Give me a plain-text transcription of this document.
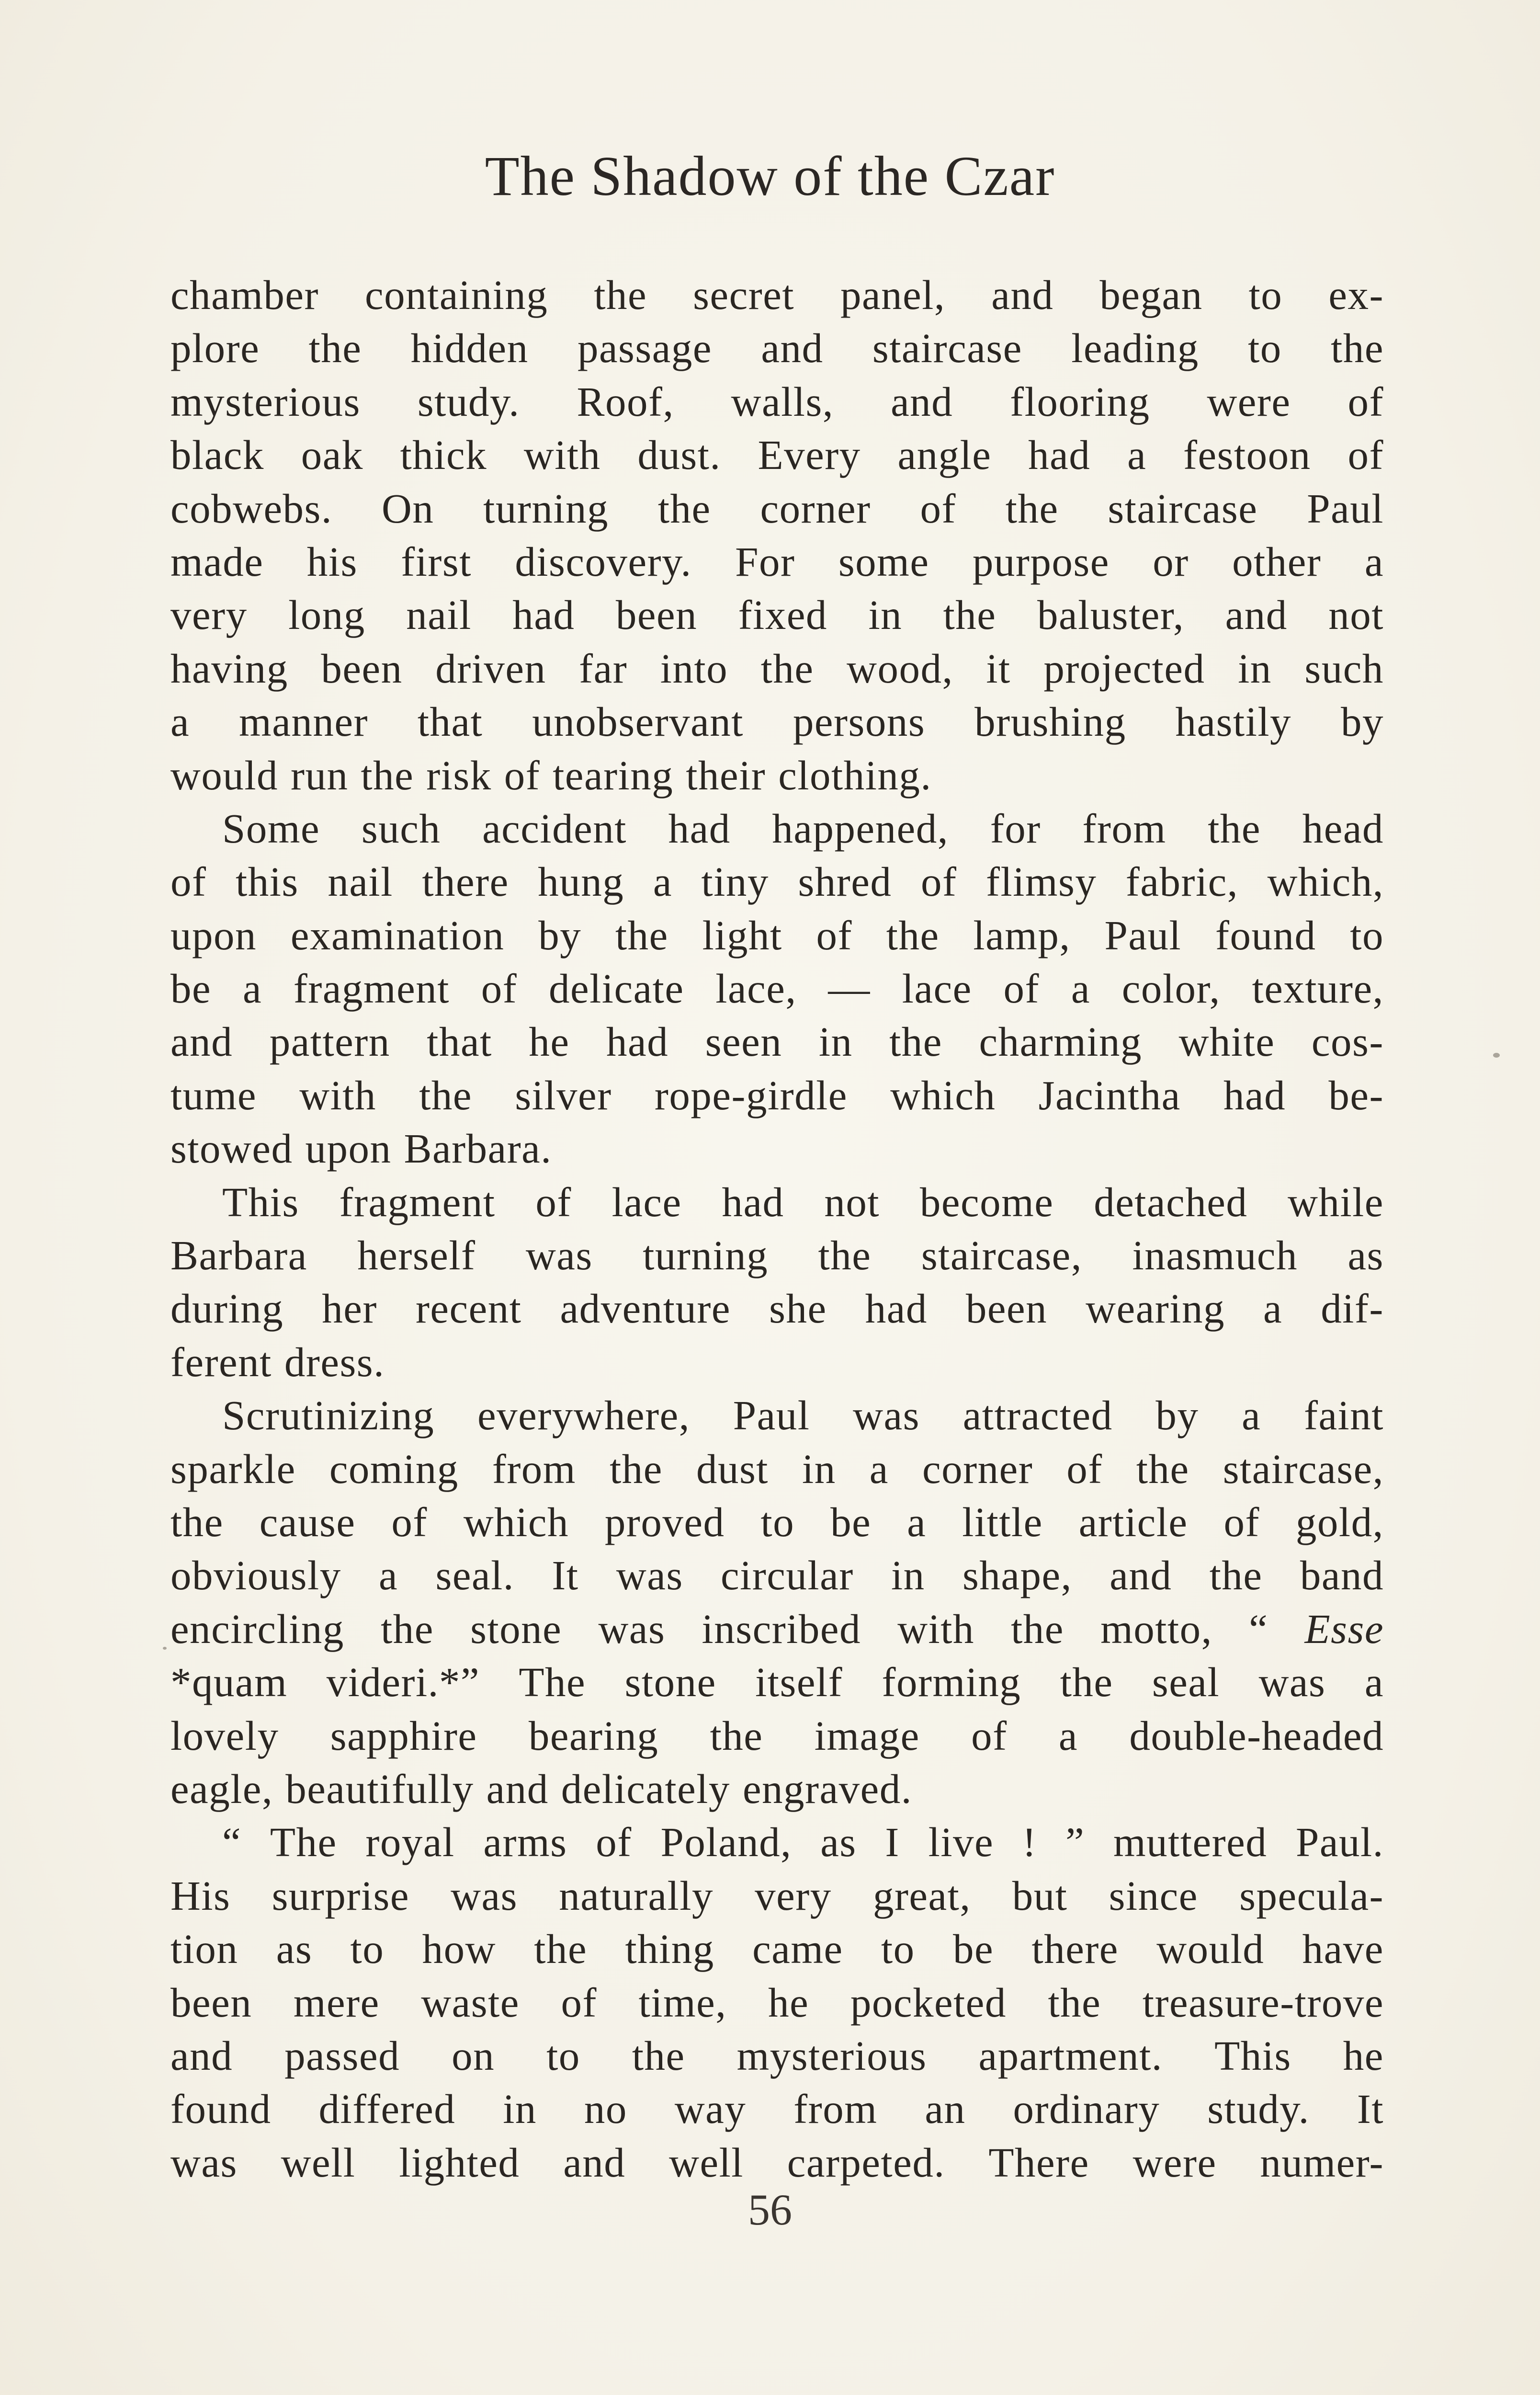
The Shadow of the Czar
chamber containing the secret panel, and began to ex-
plore the hidden passage and staircase leading to the
mysterious study. Roof, walls, and flooring were of
black oak thick with dust. Every angle had a festoon of
cobwebs. On turning the corner of the staircase Paul
made his first discovery. For some purpose or other a
very long nail had been fixed in the baluster, and not
having been driven far into the wood, it projected in such
a manner that unobservant persons brushing hastily by
would run the risk of tearing their clothing.
Some such accident had happened, for from the head
of this nail there hung a tiny shred of flimsy fabric, which,
upon examination by the light of the lamp, Paul found to
be a fragment of delicate lace, — lace of a color, texture,
and pattern that he had seen in the charming white cos-
tume with the silver rope-girdle which Jacintha had be-
stowed upon Barbara.
This fragment of lace had not become detached while
Barbara herself was turning the staircase, inasmuch as
during her recent adventure she had been wearing a dif-
ferent dress.
Scrutinizing everywhere, Paul was attracted by a faint
sparkle coming from the dust in a corner of the staircase,
the cause of which proved to be a little article of gold,
obviously a seal. It was circular in shape, and the band
encircling the stone was inscribed with the motto, “ Esse
*quam videri.*” The stone itself forming the seal was a
lovely sapphire bearing the image of a double-headed
eagle, beautifully and delicately engraved.
“ The royal arms of Poland, as I live ! ” muttered Paul.
His surprise was naturally very great, but since specula-
tion as to how the thing came to be there would have
been mere waste of time, he pocketed the treasure-trove
and passed on to the mysterious apartment. This he
found differed in no way from an ordinary study. It
was well lighted and well carpeted. There were numer-
56
